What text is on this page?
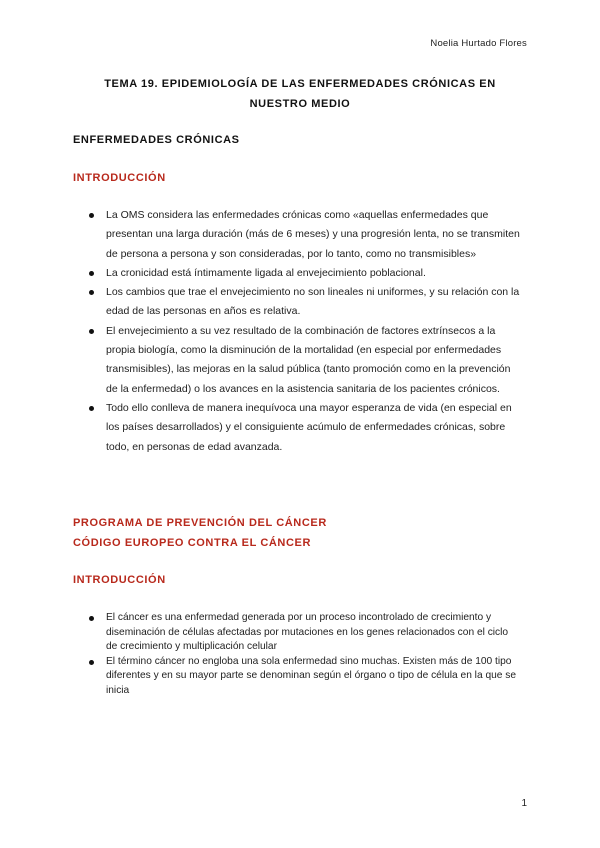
Noelia Hurtado Flores
TEMA 19. EPIDEMIOLOGÍA DE LAS ENFERMEDADES CRÓNICAS EN
NUESTRO MEDIO
ENFERMEDADES CRÓNICAS
INTRODUCCIÓN
La OMS considera las enfermedades crónicas como «aquellas enfermedades que presentan una larga duración (más de 6 meses) y una progresión lenta, no se transmiten de persona a persona y son consideradas, por lo tanto, como no transmisibles»
La cronicidad está íntimamente ligada al envejecimiento poblacional.
Los cambios que trae el envejecimiento no son lineales ni uniformes, y su relación con la edad de las personas en años es relativa.
El envejecimiento a su vez resultado de la combinación de factores extrínsecos a la propia biología, como la disminución de la mortalidad (en especial por enfermedades transmisibles), las mejoras en la salud pública (tanto promoción como en la prevención de la enfermedad) o los avances en la asistencia sanitaria de los pacientes crónicos.
Todo ello conlleva de manera inequívoca una mayor esperanza de vida (en especial en los países desarrollados) y el consiguiente acúmulo de enfermedades crónicas, sobre todo, en personas de edad avanzada.
PROGRAMA DE PREVENCIÓN DEL CÁNCER
CÓDIGO EUROPEO CONTRA EL CÁNCER
INTRODUCCIÓN
El cáncer es una enfermedad generada por un proceso incontrolado de crecimiento y diseminación de células afectadas por mutaciones en los genes relacionados con el ciclo de crecimiento y multiplicación celular
El término cáncer no engloba una sola enfermedad sino muchas. Existen más de 100 tipo diferentes y en su mayor parte se denominan según el órgano o tipo de célula en la que se inicia
1
